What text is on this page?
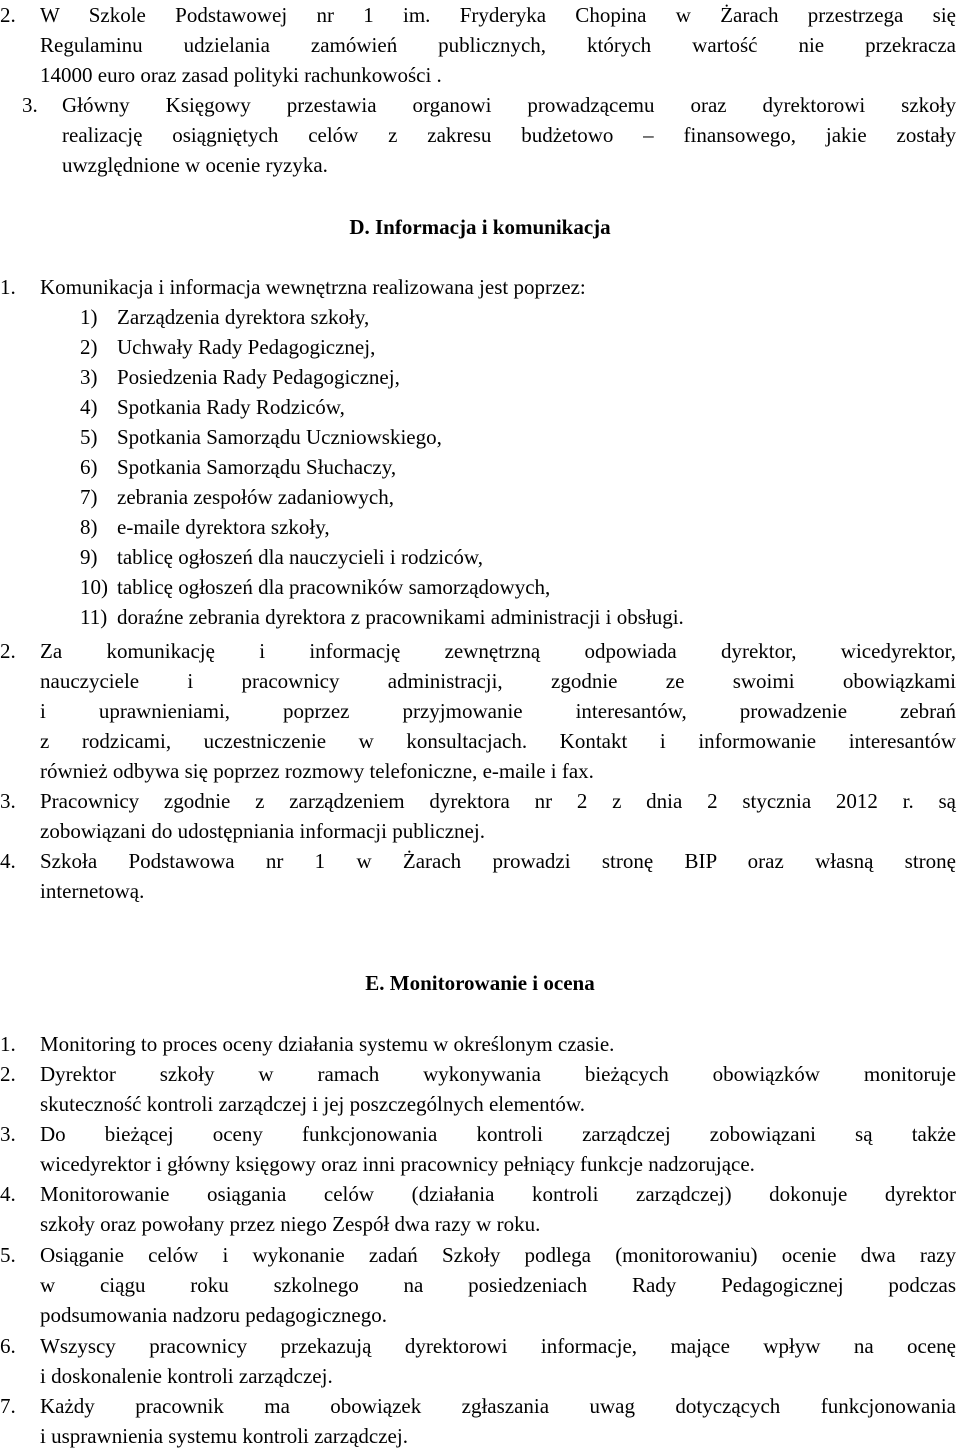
2.	W Szkole Podstawowej nr 1 im. Fryderyka Chopina w Żarach przestrzega się
Regulaminu udzielania zamówień publicznych, których wartość nie przekracza
14000 euro oraz zasad polityki rachunkowości .
3.	Główny Księgowy przestawia organowi prowadzącemu oraz dyrektorowi szkoły
realizację osiągniętych celów z zakresu budżetowo – finansowego, jakie zostały
uwzględnione w ocenie ryzyka.
D. Informacja i komunikacja
1.	Komunikacja i informacja wewnętrzna realizowana jest poprzez:
1) Zarządzenia dyrektora szkoły,
2) Uchwały Rady Pedagogicznej,
3) Posiedzenia Rady Pedagogicznej,
4) Spotkania Rady Rodziców,
5) Spotkania Samorządu Uczniowskiego,
6) Spotkania Samorządu Słuchaczy,
7) zebrania zespołów zadaniowych,
8) e-maile dyrektora szkoły,
9) tablicę ogłoszeń dla nauczycieli i rodziców,
10) tablicę ogłoszeń dla pracowników samorządowych,
11) doraźne zebrania dyrektora z pracownikami administracji i obsługi.
2.	Za komunikację i informację zewnętrzną odpowiada dyrektor, wicedyrektor,
nauczyciele i pracownicy administracji, zgodnie ze swoimi obowiązkami
i uprawnieniami, poprzez przyjmowanie interesantów, prowadzenie zebrań
z rodzicami, uczestniczenie w konsultacjach. Kontakt i informowanie interesantów
również odbywa się poprzez rozmowy telefoniczne, e-maile i fax.
3.	Pracownicy zgodnie z zarządzeniem dyrektora nr 2 z dnia 2 stycznia 2012 r. są
zobowiązani do udostępniania informacji publicznej.
4.	Szkoła Podstawowa nr 1 w Żarach prowadzi stronę BIP oraz własną stronę
internetową.
E. Monitorowanie i ocena
1.	Monitoring to proces oceny działania systemu w określonym czasie.
2.	Dyrektor szkoły w ramach wykonywania bieżących obowiązków monitoruje
skuteczność kontroli zarządczej i jej poszczególnych elementów.
3.	Do bieżącej oceny funkcjonowania kontroli zarządczej zobowiązani są także
wicedyrektor i główny księgowy oraz inni pracownicy pełniący funkcje nadzorujące.
4.	Monitorowanie osiągania celów (działania kontroli zarządczej) dokonuje dyrektor
szkoły oraz powołany przez niego Zespół dwa razy w roku.
5.	Osiąganie celów i wykonanie zadań Szkoły podlega (monitorowaniu) ocenie dwa razy
w ciągu roku szkolnego na posiedzeniach Rady Pedagogicznej podczas
podsumowania nadzoru pedagogicznego.
6.	Wszyscy pracownicy przekazują dyrektorowi informacje, mające wpływ na ocenę
i doskonalenie kontroli zarządczej.
7.	Każdy pracownik ma obowiązek zgłaszania uwag dotyczących funkcjonowania
i usprawnienia systemu kontroli zarządczej.
